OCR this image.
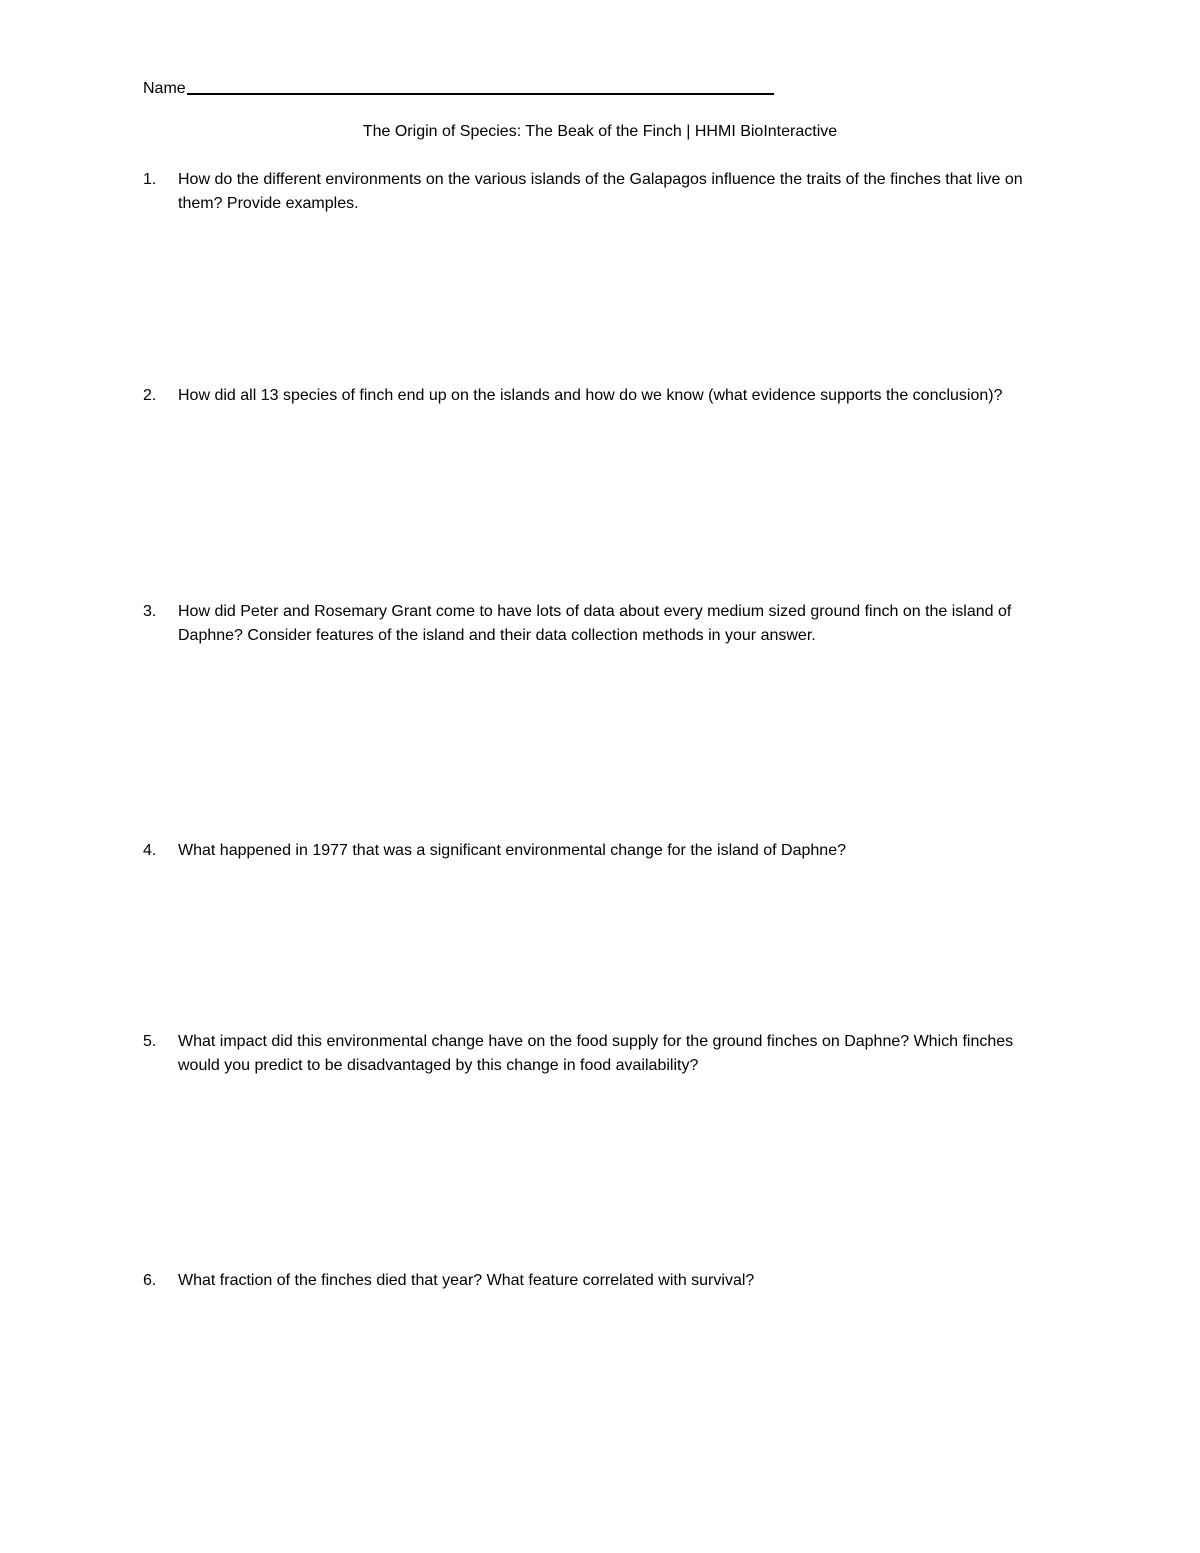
Name
The Origin of Species: The Beak of the Finch | HHMI BioInteractive
1.	How do the different environments on the various islands of the Galapagos influence the traits of the finches that live on them? Provide examples.
2.	How did all 13 species of finch end up on the islands and how do we know (what evidence supports the conclusion)?
3.	How did Peter and Rosemary Grant come to have lots of data about every medium sized ground finch on the island of Daphne? Consider features of the island and their data collection methods in your answer.
4.	What happened in 1977 that was a significant environmental change for the island of Daphne?
5.	What impact did this environmental change have on the food supply for the ground finches on Daphne? Which finches would you predict to be disadvantaged by this change in food availability?
6.	What fraction of the finches died that year? What feature correlated with survival?
